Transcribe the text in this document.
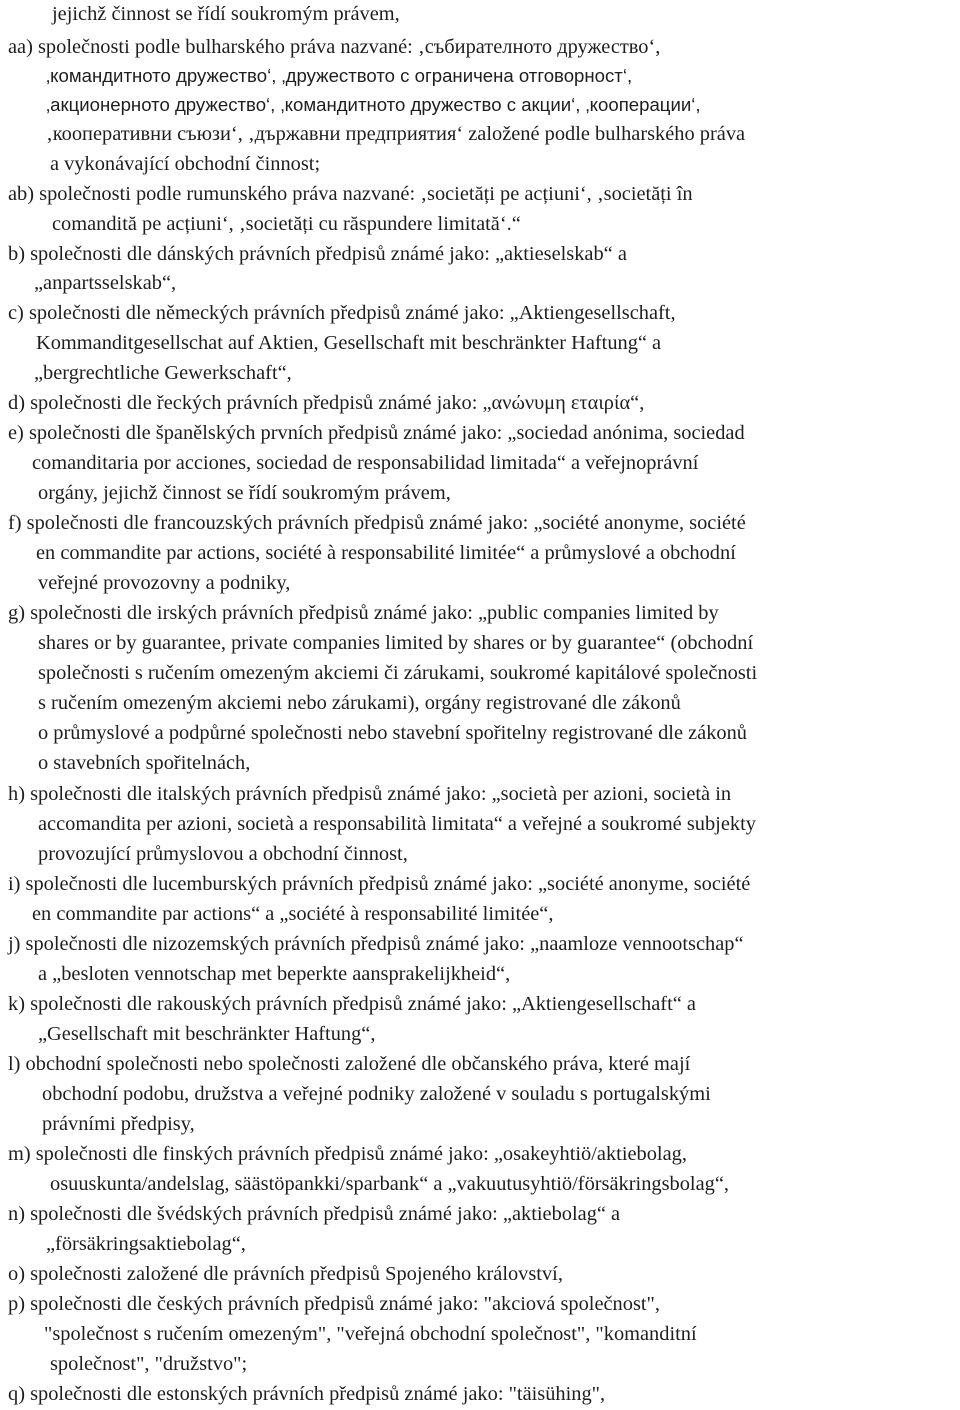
jejichž činnost se řídí soukromým právem,
aa) společnosti podle bulharského práva nazvané: ‚събирателното дружество‘,
‚командитното дружество‘, ‚дружеството с ограничена отговорност‘,
‚акционерното дружество‘, ‚командитното дружество с акции‘, ‚кооперации‘,
‚кооперативни съюзи‘, ‚държавни предприятия‘ založené podle bulharského práva
a vykonávající obchodní činnost;
ab) společnosti podle rumunského práva nazvané: ‚societăți pe acțiuni‘, ‚societăți în
comandită pe acțiuni‘, ‚societăți cu răspundere limitată‘.“
b) společnosti dle dánských právních předpisů známé jako: „aktieselskab“ a
„anpartsselskab“,
c) společnosti dle německých právních předpisů známé jako: „Aktiengesellschaft,
Kommanditgesellschat auf Aktien, Gesellschaft mit beschränkter Haftung“ a
„bergrechtliche Gewerkschaft“,
d) společnosti dle řeckých právních předpisů známé jako: „ανώνυμη εταιρία“,
e) společnosti dle španělských prvních předpisů známé jako: „sociedad anónima, sociedad
comanditaria por acciones, sociedad de responsabilidad limitada“ a veřejnoprávní
orgány, jejichž činnost se řídí soukromým právem,
f) společnosti dle francouzských právních předpisů známé jako: „société anonyme, société
en commandite par actions, société à responsabilité limitée“ a průmyslové a obchodní
veřejné provozovny a podniky,
g) společnosti dle irských právních předpisů známé jako: „public companies limited by
shares or by guarantee, private companies limited by shares or by guarantee“ (obchodní
společnosti s ručením omezeným akciemi či zárukami, soukromé kapitálové společnosti
s ručením omezeným akciemi nebo zárukami), orgány registrované dle zákonů
o průmyslové a podpůrné společnosti nebo stavební spořitelny registrované dle zákonů
o stavebních spořitelnách,
h) společnosti dle italských právních předpisů známé jako: „società per azioni, società in
accomandita per azioni, società a responsabilità limitata“ a veřejné a soukromé subjekty
provozující průmyslovou a obchodní činnost,
i) společnosti dle lucemburských právních předpisů známé jako: „société anonyme, société
en commandite par actions“ a „société à responsabilité limitée“,
j) společnosti dle nizozemských právních předpisů známé jako: „naamloze vennootschap“
a „besloten vennotschap met beperkte aansprakelijkheid“,
k) společnosti dle rakouských právních předpisů známé jako: „Aktiengesellschaft“ a
„Gesellschaft mit beschränkter Haftung“,
l) obchodní společnosti nebo společnosti založené dle občanského práva, které mají
obchodní podobu, družstva a veřejné podniky založené v souladu s portugalskými
právními předpisy,
m) společnosti dle finských právních předpisů známé jako: „osakeyhtiö/aktiebolag,
osuuskunta/andelslag, säästöpankki/sparbank“ a „vakuutusyhtiö/försäkringsbolag“,
n) společnosti dle švédských právních předpisů známé jako: „aktiebolag“ a
„försäkringsaktiebolag“,
o) společnosti založené dle právních předpisů Spojeného království,
p) společnosti dle českých právních předpisů známé jako: "akciová společnost",
"společnost s ručením omezeným", "veřejná obchodní společnost", "komanditní
společnost", "družstvo";
q) společnosti dle estonských právních předpisů známé jako: "täisühing",
